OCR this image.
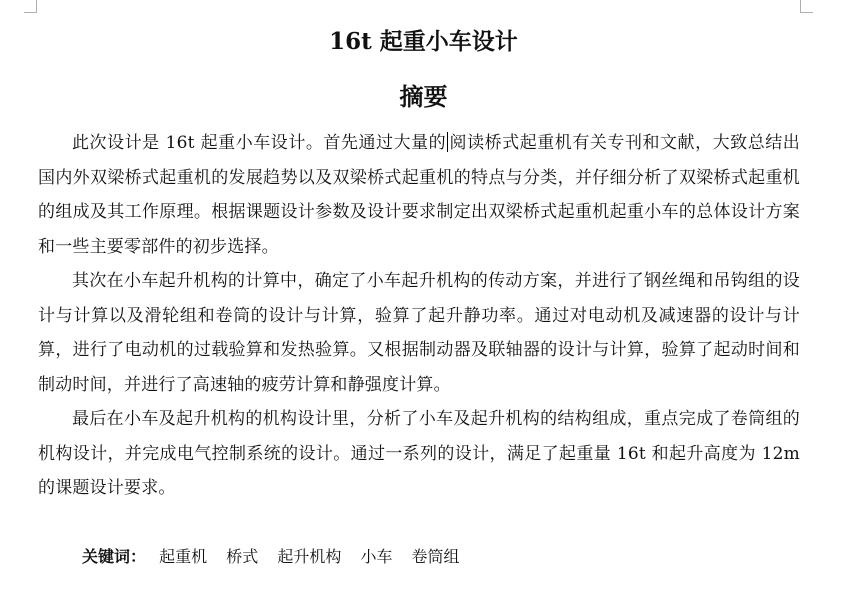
16t 起重小车设计
摘要

此次设计是 16t 起重小车设计。首先通过大量的 阅读桥式起重机有关专刊和文献，大致总结出国内外双梁桥式起重机的发展趋势以及双梁桥式起重机的特点与分类，并仔细分析了双梁桥式起重机的组成及其工作原理。根据课题设计参数及设计要求制定出双梁桥式起重机起重小车的总体设计方案和一些主要零部件的初步选择。

其次在小车起升机构的计算中，确定了小车起升机构的传动方案，并进行了钢丝绳和吊钩组的设计与计算以及滑轮组和卷筒的设计与计算，验算了起升静功率。通过对电动机及减速器的设计与计算，进行了电动机的过载验算和发热验算。又根据制动器及联轴器的设计与计算，验算了起动时间和制动时间，并进行了高速轴的疲劳计算和静强度计算。

最后在小车及起升机构的机构设计里，分析了小车及起升机构的结构组成，重点完成了卷筒组的机构设计，并完成电气控制系统的设计。通过一系列的设计，满足了起重量 16t 和起升高度为 12m 的课题设计要求。

关键词： 起重机 桥式 起升机构 小车 卷筒组
